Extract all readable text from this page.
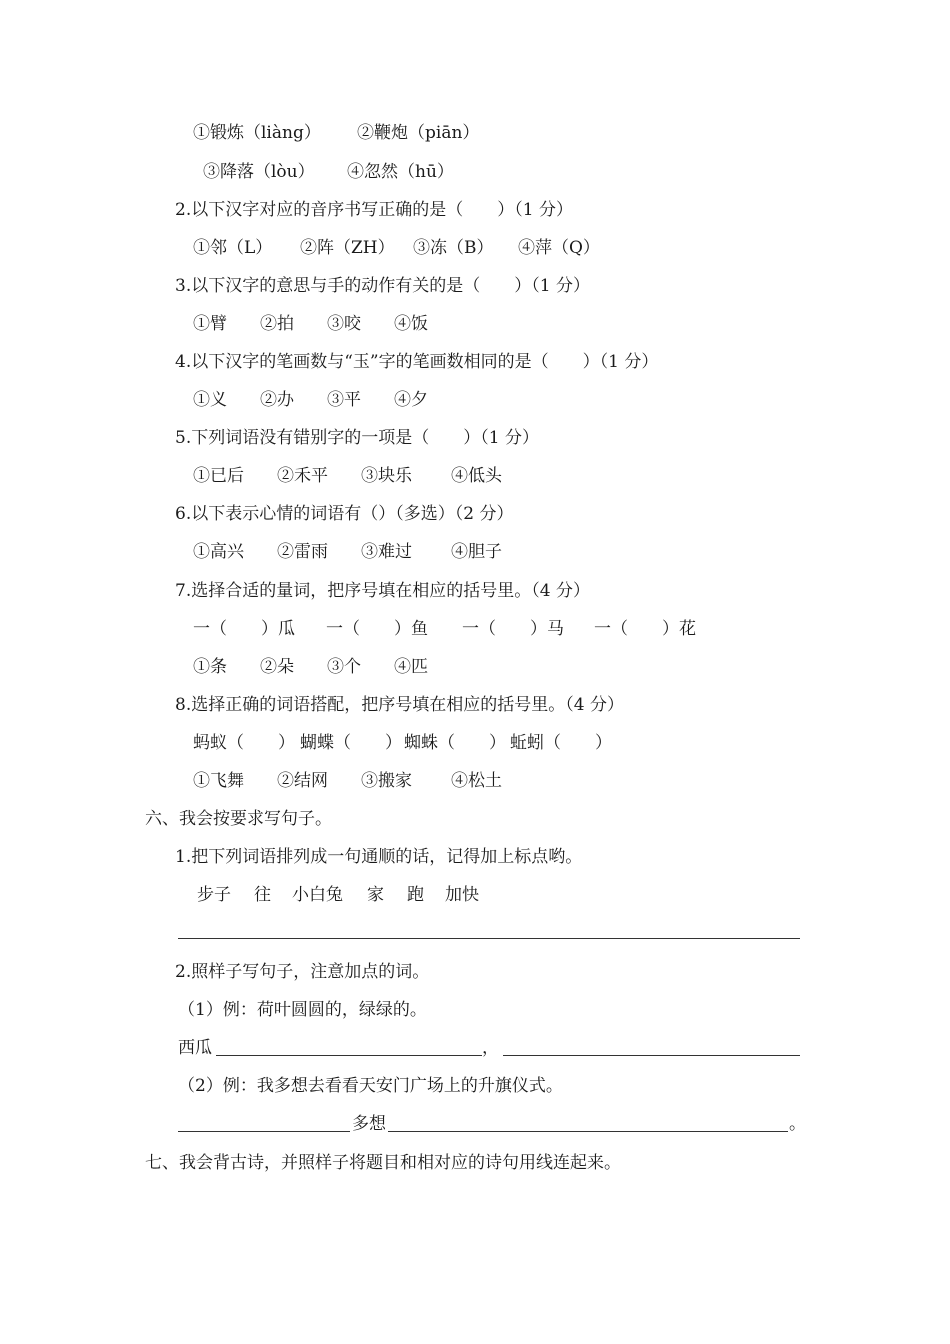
①锻炼（liàng） ②鞭炮（piān）
③降落（lòu） ④忽然（hū）
2.以下汉字对应的音序书写正确的是（　　）（1 分）
①邻（L） ②阵（ZH） ③冻（B） ④萍（Q）
3.以下汉字的意思与手的动作有关的是（　　）（1 分）
①臂 ②拍 ③咬 ④饭
4.以下汉字的笔画数与“玉”字的笔画数相同的是（　　）（1 分）
①义 ②办 ③平 ④夕
5.下列词语没有错别字的一项是（　　）（1 分）
①已后 ②禾平 ③块乐 ④低头
6.以下表示心情的词语有（）（多选）（2 分）
①高兴 ②雷雨 ③难过 ④胆子
7.选择合适的量词，把序号填在相应的括号里。（4 分）
一（　　）瓜 一（　　）鱼 一（　　）马 一（　　）花
①条 ②朵 ③个 ④匹
8.选择正确的词语搭配，把序号填在相应的括号里。（4 分）
蚂蚁（　　） 蝴蝶（　　） 蜘蛛（　　） 蚯蚓（　　）
①飞舞 ②结网 ③搬家 ④松土
六、我会按要求写句子。
1.把下列词语排列成一句通顺的话，记得加上标点哟。
步子 往 小白兔 家 跑 加快
2.照样子写句子，注意加点的词。
（1）例：荷叶圆圆的，绿绿的。
西瓜	，
（2）例：我多想去看看天安门广场上的升旗仪式。
多想	。
七、我会背古诗，并照样子将题目和相对应的诗句用线连起来。
